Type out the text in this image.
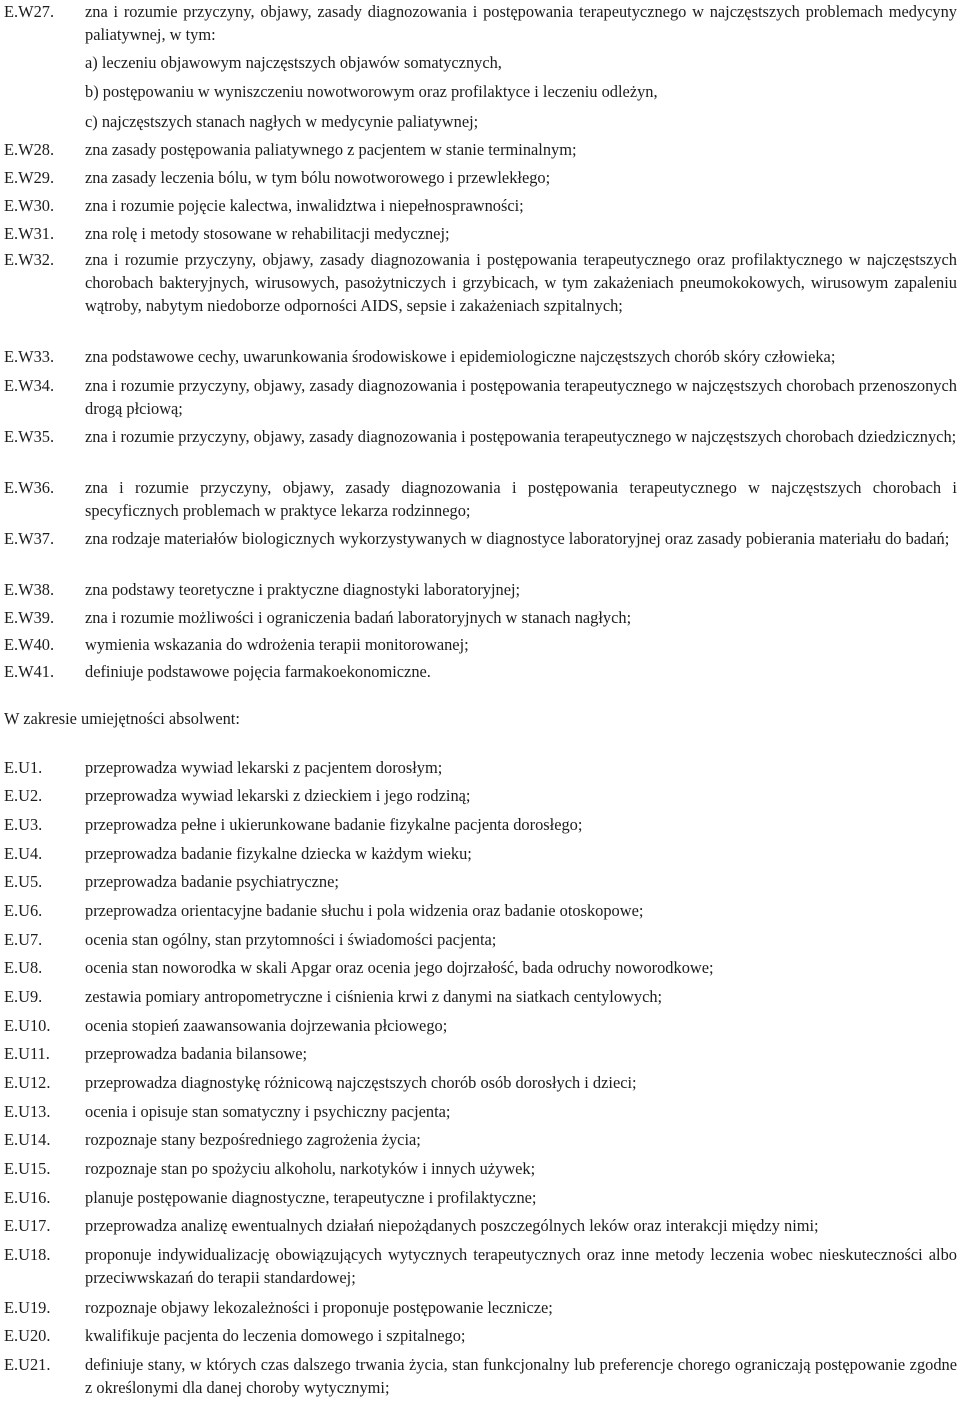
E.W27. zna i rozumie przyczyny, objawy, zasady diagnozowania i postępowania terapeutycznego w najczęstszych problemach medycyny paliatywnej, w tym:
a) leczeniu objawowym najczęstszych objawów somatycznych,
b) postępowaniu w wyniszczeniu nowotworowym oraz profilaktyce i leczeniu odleżyn,
c) najczęstszych stanach nagłych w medycynie paliatywnej;
E.W28. zna zasady postępowania paliatywnego z pacjentem w stanie terminalnym;
E.W29. zna zasady leczenia bólu, w tym bólu nowotworowego i przewlekłego;
E.W30. zna i rozumie pojęcie kalectwa, inwalidztwa i niepełnosprawności;
E.W31. zna rolę i metody stosowane w rehabilitacji medycznej;
E.W32. zna i rozumie przyczyny, objawy, zasady diagnozowania i postępowania terapeutycznego oraz profilaktycznego w najczęstszych chorobach bakteryjnych, wirusowych, pasożytniczych i grzybicach, w tym zakażeniach pneumokokowych, wirusowym zapaleniu wątroby, nabytym niedoborze odporności AIDS, sepsie i zakażeniach szpitalnych;
E.W33. zna podstawowe cechy, uwarunkowania środowiskowe i epidemiologiczne najczęstszych chorób skóry człowieka;
E.W34. zna i rozumie przyczyny, objawy, zasady diagnozowania i postępowania terapeutycznego w najczęstszych chorobach przenoszonych drogą płciową;
E.W35. zna i rozumie przyczyny, objawy, zasady diagnozowania i postępowania terapeutycznego w najczęstszych chorobach dziedzicznych;
E.W36. zna i rozumie przyczyny, objawy, zasady diagnozowania i postępowania terapeutycznego w najczęstszych chorobach i specyficznych problemach w praktyce lekarza rodzinnego;
E.W37. zna rodzaje materiałów biologicznych wykorzystywanych w diagnostyce laboratoryjnej oraz zasady pobierania materiału do badań;
E.W38. zna podstawy teoretyczne i praktyczne diagnostyki laboratoryjnej;
E.W39. zna i rozumie możliwości i ograniczenia badań laboratoryjnych w stanach nagłych;
E.W40. wymienia wskazania do wdrożenia terapii monitorowanej;
E.W41. definiuje podstawowe pojęcia farmakoekonomiczne.
W zakresie umiejętności absolwent:
E.U1.	przeprowadza wywiad lekarski z pacjentem dorosłym;
E.U2.	przeprowadza wywiad lekarski z dzieckiem i jego rodziną;
E.U3.	przeprowadza pełne i ukierunkowane badanie fizykalne pacjenta dorosłego;
E.U4.	przeprowadza badanie fizykalne dziecka w każdym wieku;
E.U5.	przeprowadza badanie psychiatryczne;
E.U6.	przeprowadza orientacyjne badanie słuchu i pola widzenia oraz badanie otoskopowe;
E.U7.	ocenia stan ogólny, stan przytomności i świadomości pacjenta;
E.U8.	ocenia stan noworodka w skali Apgar oraz ocenia jego dojrzałość, bada odruchy noworodkowe;
E.U9.	zestawia pomiary antropometryczne i ciśnienia krwi z danymi na siatkach centylowych;
E.U10. ocenia stopień zaawansowania dojrzewania płciowego;
E.U11. przeprowadza badania bilansowe;
E.U12. przeprowadza diagnostykę różnicową najczęstszych chorób osób dorosłych i dzieci;
E.U13. ocenia i opisuje stan somatyczny i psychiczny pacjenta;
E.U14. rozpoznaje stany bezpośredniego zagrożenia życia;
E.U15. rozpoznaje stan po spożyciu alkoholu, narkotyków i innych używek;
E.U16. planuje postępowanie diagnostyczne, terapeutyczne i profilaktyczne;
E.U17. przeprowadza analizę ewentualnych działań niepożądanych poszczególnych leków oraz interakcji między nimi;
E.U18. proponuje indywidualizację obowiązujących wytycznych terapeutycznych oraz inne metody leczenia wobec nieskuteczności albo przeciwwskazań do terapii standardowej;
E.U19. rozpoznaje objawy lekozależności i proponuje postępowanie lecznicze;
E.U20. kwalifikuje pacjenta do leczenia domowego i szpitalnego;
E.U21. definiuje stany, w których czas dalszego trwania życia, stan funkcjonalny lub preferencje chorego ograniczają postępowanie zgodne z określonymi dla danej choroby wytycznymi;
